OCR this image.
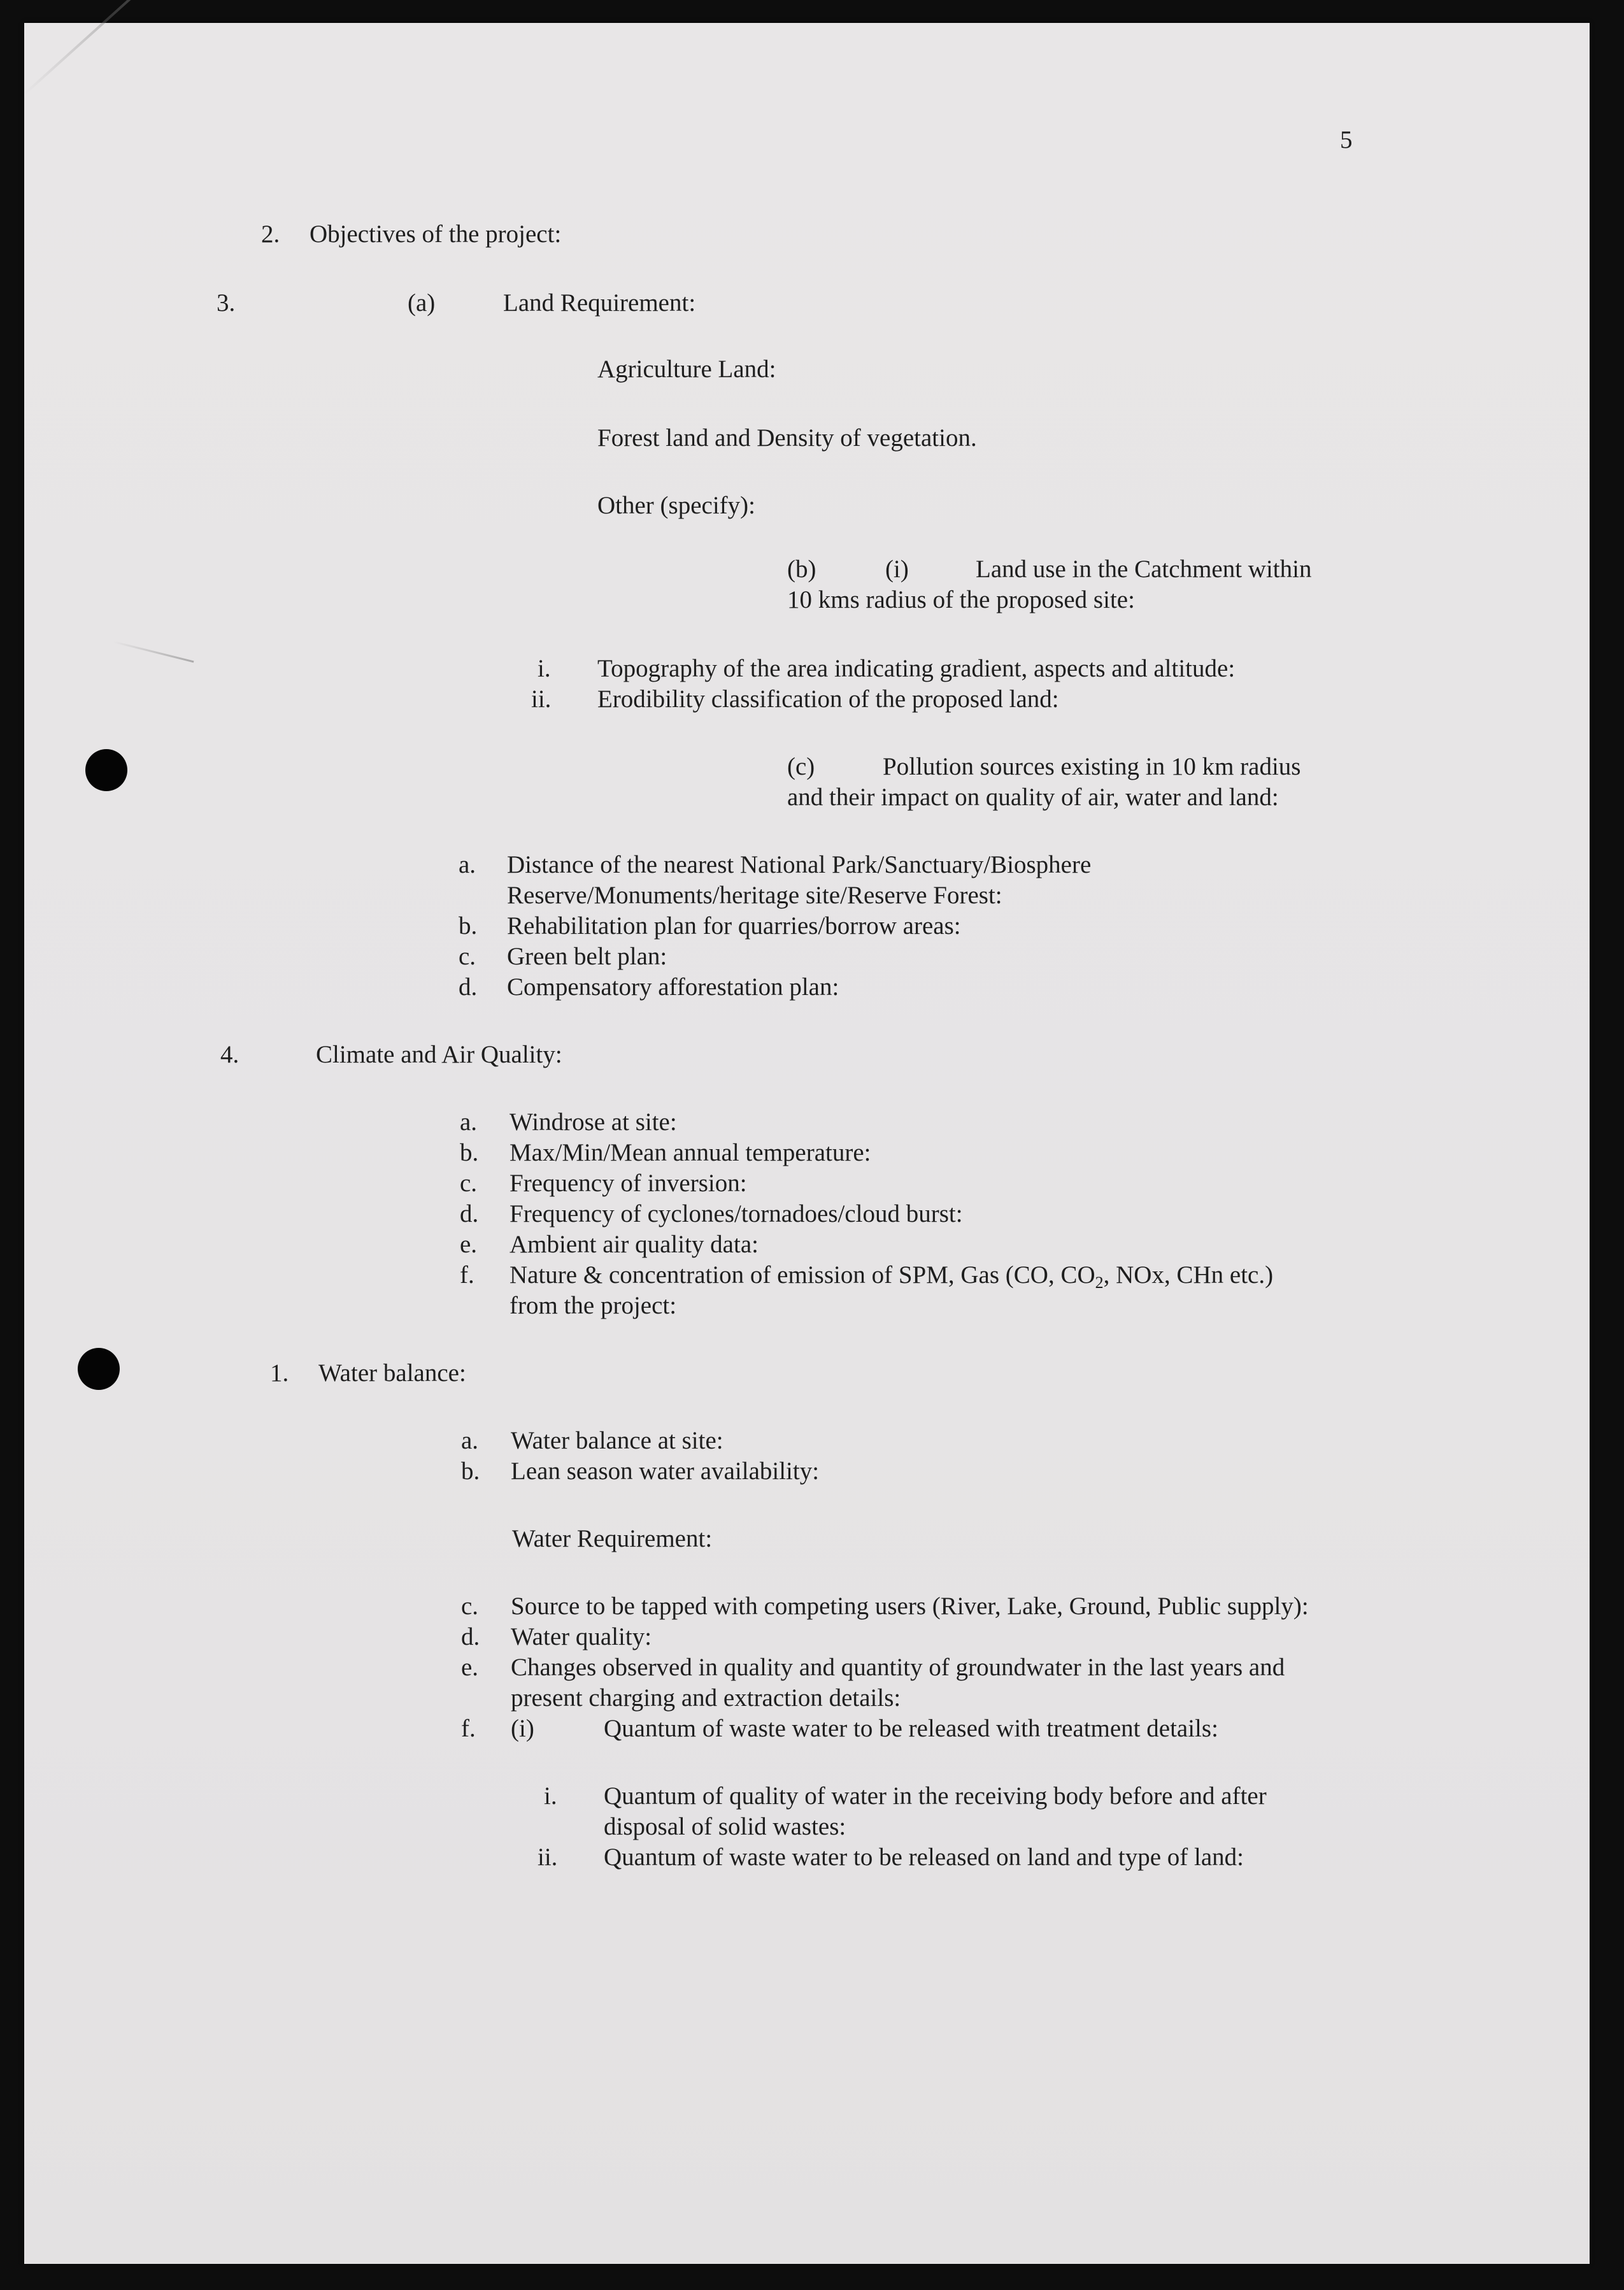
5
2. Objectives of the project:
3.	(a)	Land Requirement:
Agriculture Land:
Forest land and Density of vegetation.
Other (specify):
(b)	(i)	Land use in the Catchment within
10 kms radius of the proposed site:
i. Topography of the area indicating gradient, aspects and altitude:
ii. Erodibility classification of the proposed land:
(c)	Pollution sources existing in 10 km radius
and their impact on quality of air, water and land:
a. Distance of the nearest National Park/Sanctuary/Biosphere
Reserve/Monuments/heritage site/Reserve Forest:
b. Rehabilitation plan for quarries/borrow areas:
c. Green belt plan:
d. Compensatory afforestation plan:
4.	Climate and Air Quality:
a. Windrose at site:
b. Max/Min/Mean annual temperature:
c. Frequency of inversion:
d. Frequency of cyclones/tornadoes/cloud burst:
e. Ambient air quality data:
f. Nature & concentration of emission of SPM, Gas (CO, $CO_2$, NOx, CHn etc.)
from the project:
1. Water balance:
a. Water balance at site:
b. Lean season water availability:
Water Requirement:
c. Source to be tapped with competing users (River, Lake, Ground, Public supply):
d. Water quality:
e. Changes observed in quality and quantity of groundwater in the last years and
present charging and extraction details:
f. (i)	Quantum of waste water to be released with treatment details:
i. Quantum of quality of water in the receiving body before and after
disposal of solid wastes:
ii. Quantum of waste water to be released on land and type of land:
